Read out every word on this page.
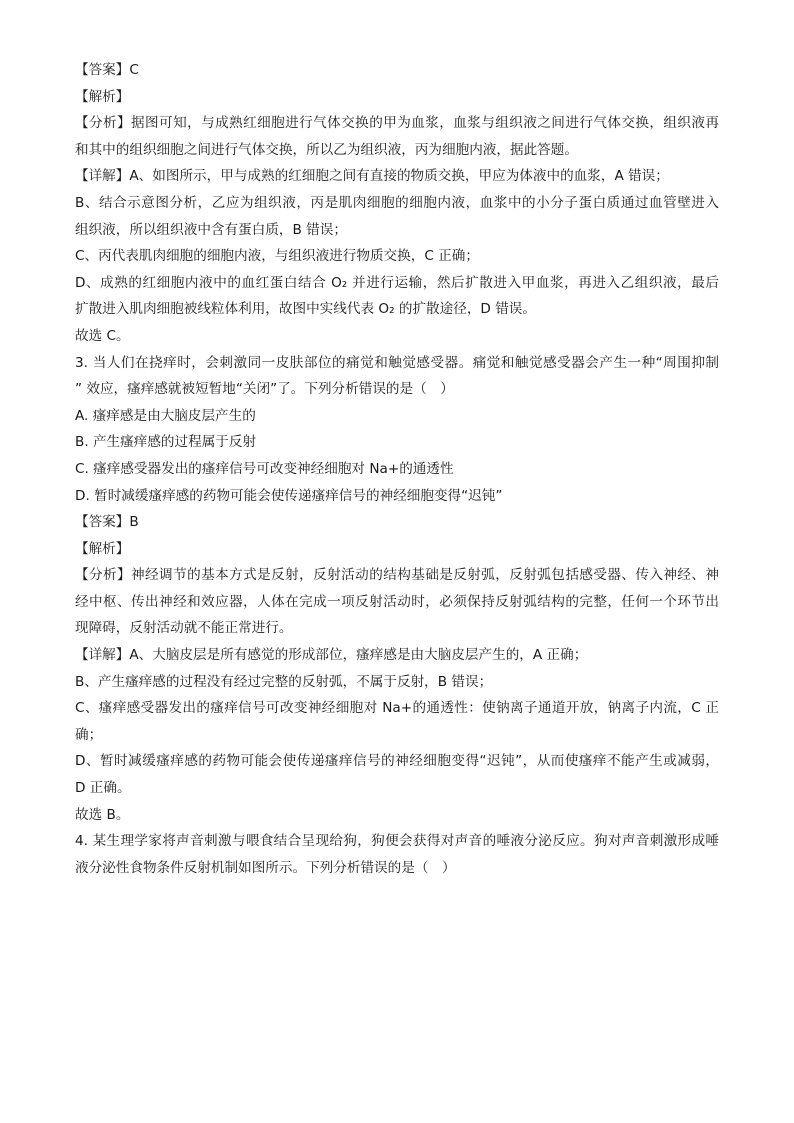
【答案】C
【解析】
【分析】据图可知，与成熟红细胞进行气体交换的甲为血浆，血浆与组织液之间进行气体交换，组织液再
和其中的组织细胞之间进行气体交换，所以乙为组织液，丙为细胞内液，据此答题。
【详解】A、如图所示，甲与成熟的红细胞之间有直接的物质交换，甲应为体液中的血浆，A 错误；
B、结合示意图分析，乙应为组织液，丙是肌肉细胞的细胞内液，血浆中的小分子蛋白质通过血管壁进入
组织液，所以组织液中含有蛋白质，B 错误；
C、丙代表肌肉细胞的细胞内液，与组织液进行物质交换，C 正确；
D、成熟的红细胞内液中的血红蛋白结合 O₂ 并进行运输，然后扩散进入甲血浆，再进入乙组织液，最后
扩散进入肌肉细胞被线粒体利用，故图中实线代表 O₂ 的扩散途径，D 错误。
故选 C。
3. 当人们在挠痒时，会刺激同一皮肤部位的痛觉和触觉感受器。痛觉和触觉感受器会产生一种“周围抑制
” 效应，瘙痒感就被短暂地“关闭”了。下列分析错误的是（　）
A. 瘙痒感是由大脑皮层产生的
B. 产生瘙痒感的过程属于反射
C. 瘙痒感受器发出的瘙痒信号可改变神经细胞对 Na+的通透性
D. 暂时减缓瘙痒感的药物可能会使传递瘙痒信号的神经细胞变得“迟钝”
【答案】B
【解析】
【分析】神经调节的基本方式是反射，反射活动的结构基础是反射弧，反射弧包括感受器、传入神经、神
经中枢、传出神经和效应器，人体在完成一项反射活动时，必须保持反射弧结构的完整，任何一个环节出
现障碍，反射活动就不能正常进行。
【详解】A、大脑皮层是所有感觉的形成部位，瘙痒感是由大脑皮层产生的，A 正确；
B、产生瘙痒感的过程没有经过完整的反射弧，不属于反射，B 错误；
C、瘙痒感受器发出的瘙痒信号可改变神经细胞对 Na+的通透性：使钠离子通道开放，钠离子内流，C 正
确；
D、暂时减缓瘙痒感的药物可能会使传递瘙痒信号的神经细胞变得“迟钝”，从而使瘙痒不能产生或减弱，
D 正确。
故选 B。
4. 某生理学家将声音刺激与喂食结合呈现给狗，狗便会获得对声音的唾液分泌反应。狗对声音刺激形成唾
液分泌性食物条件反射机制如图所示。下列分析错误的是（　）
